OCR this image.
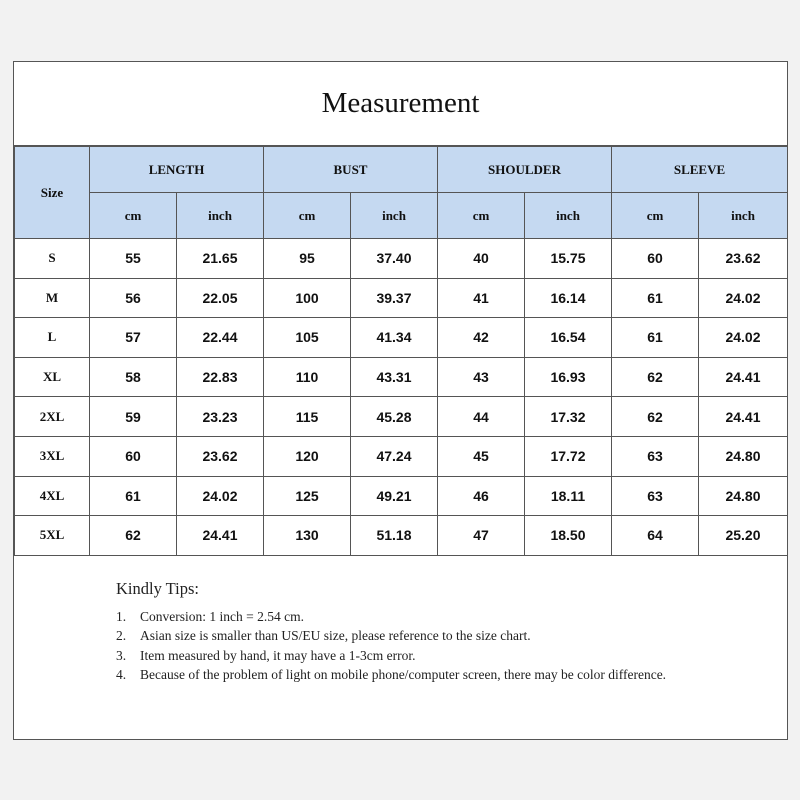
Measurement
Size	LENGTH		BUST		SHOULDER		SLEEVE	
	cm	inch	cm	inch	cm	inch	cm	inch
S	55	21.65	95	37.40	40	15.75	60	23.62
M	56	22.05	100	39.37	41	16.14	61	24.02
L	57	22.44	105	41.34	42	16.54	61	24.02
XL	58	22.83	110	43.31	43	16.93	62	24.41
2XL	59	23.23	115	45.28	44	17.32	62	24.41
3XL	60	23.62	120	47.24	45	17.72	63	24.80
4XL	61	24.02	125	49.21	46	18.11	63	24.80
5XL	62	24.41	130	51.18	47	18.50	64	25.20
Kindly Tips:
1.	Conversion: 1 inch = 2.54 cm.
2.	Asian size is smaller than US/EU size, please reference to the size chart.
3.	Item measured by hand, it may have a 1-3cm error.
4.	Because of the problem of light on mobile phone/computer screen, there may be color difference.
